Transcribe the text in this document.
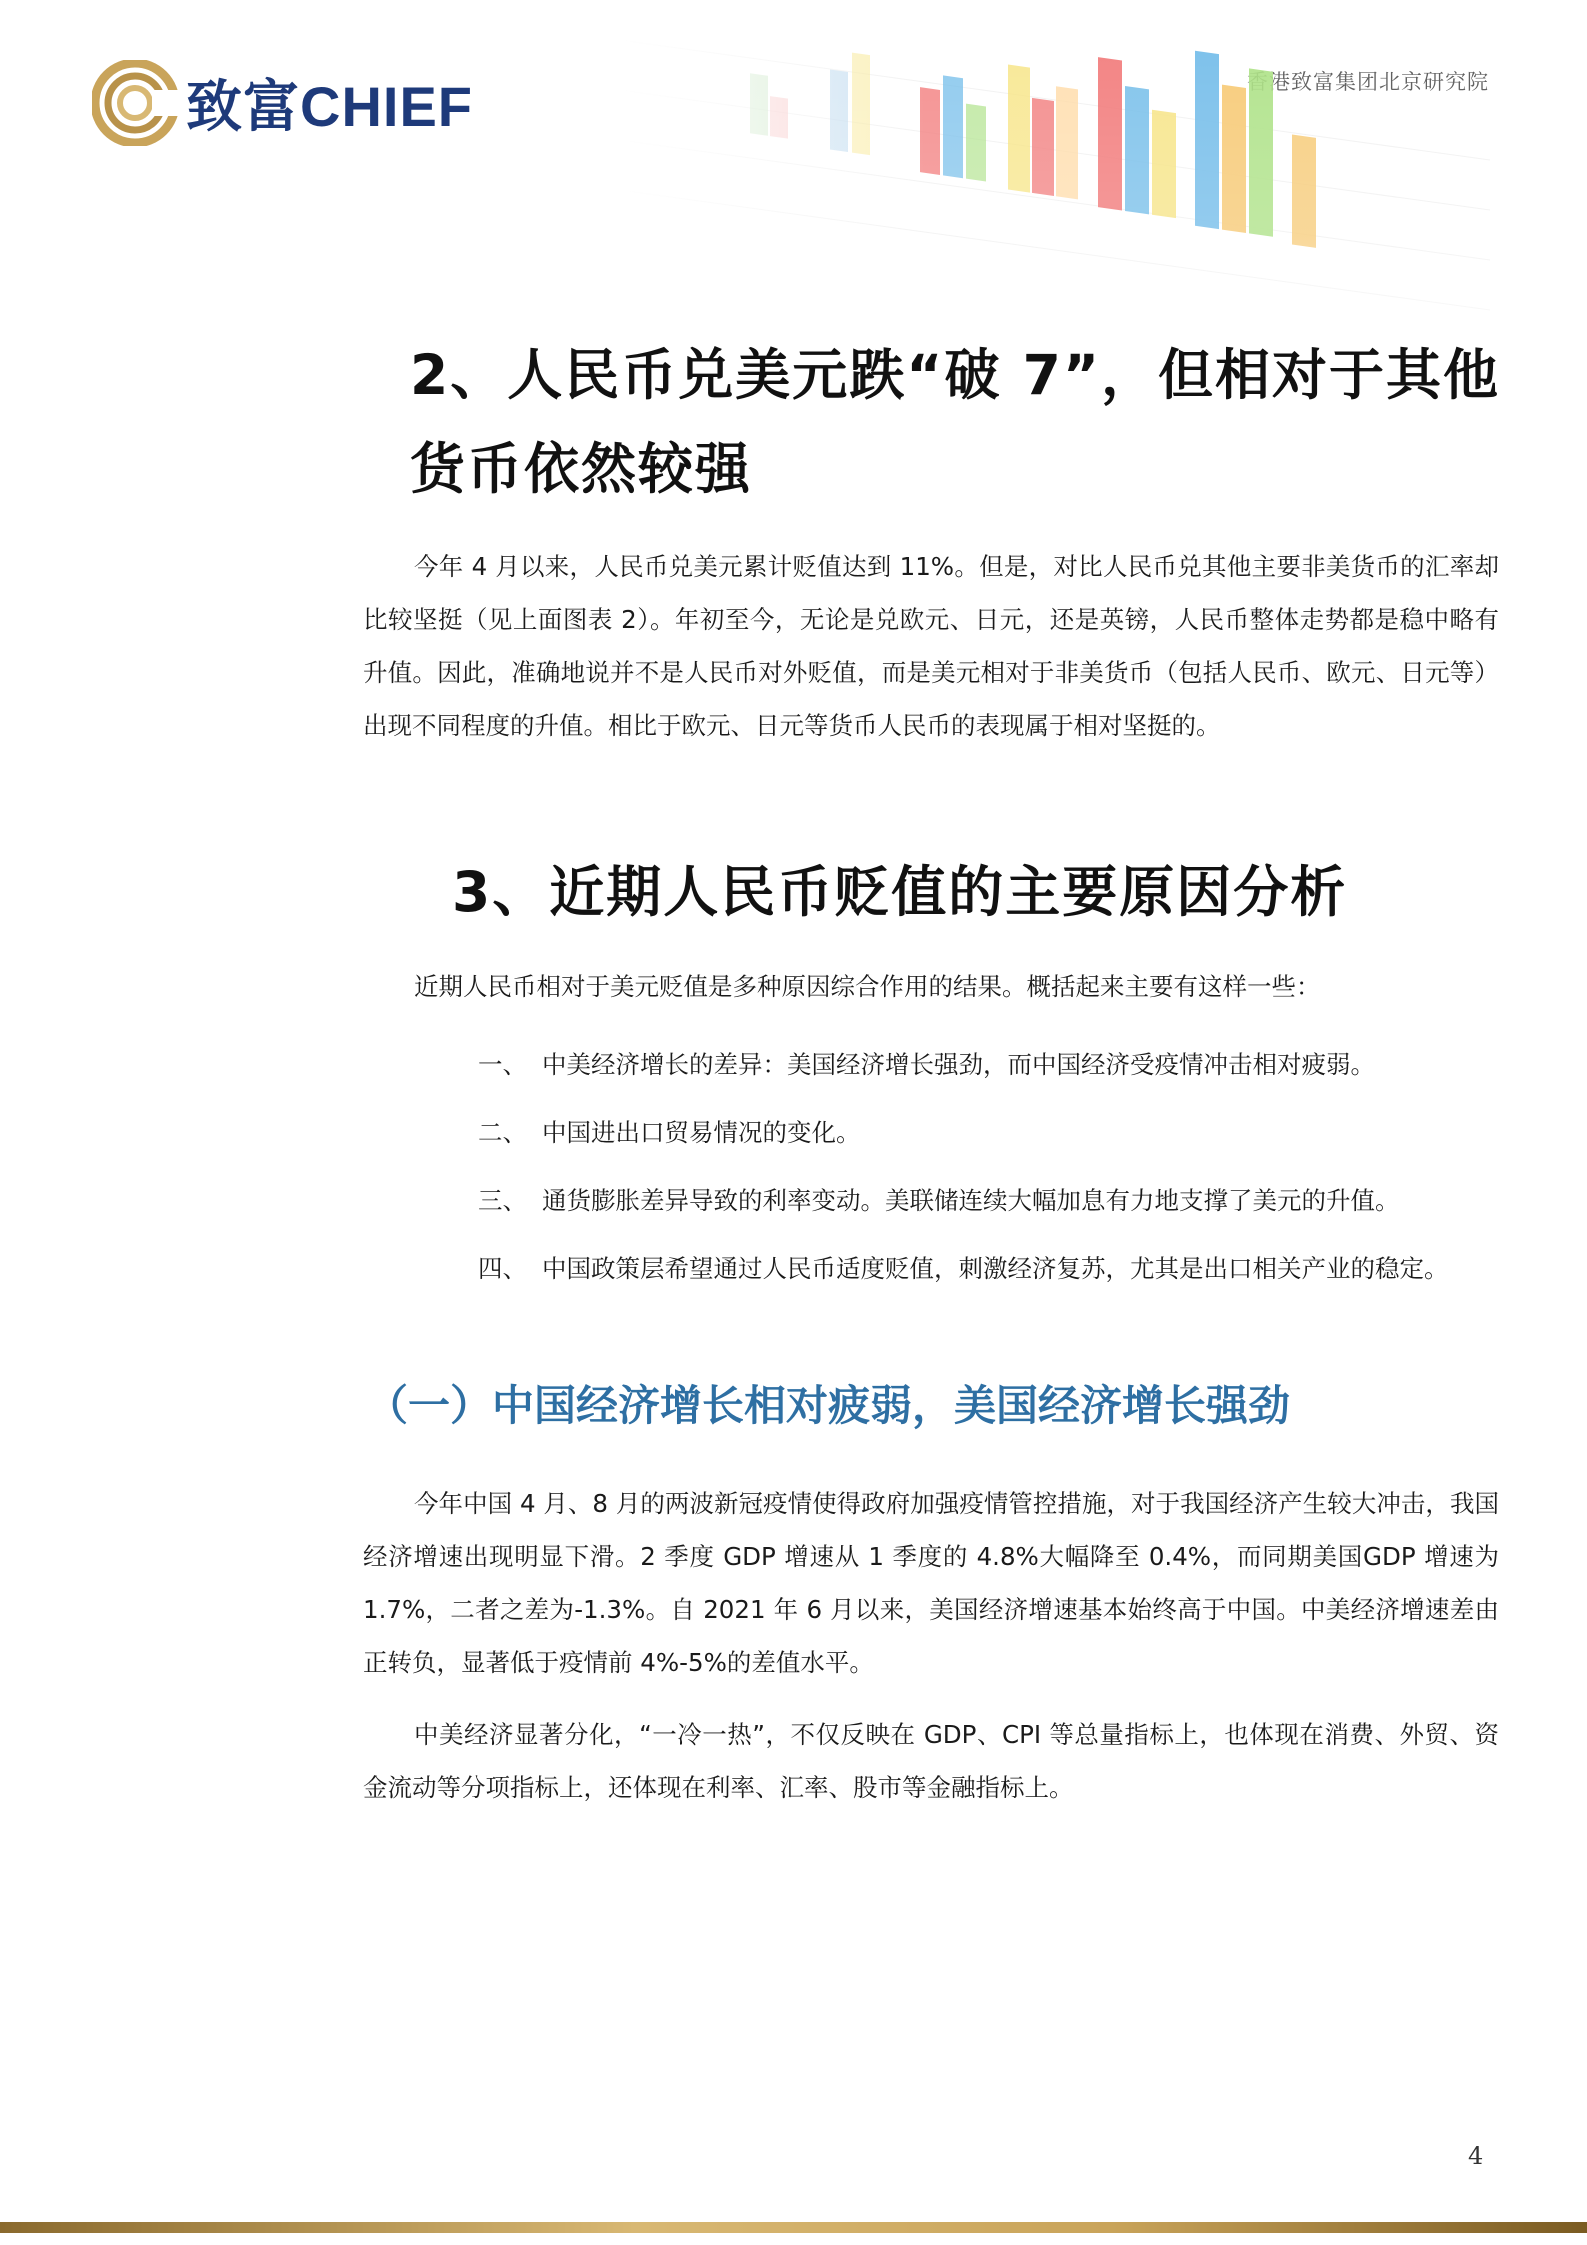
致富CHIEF
2、人民币兑美元跌“破 7”，但相对于其他货币依然较强

今年 4 月以来，人民币兑美元累计贬值达到 11%。但是，对比人民币兑其他主要非美货币的汇率却比较坚挺（见上面图表 2）。年初至今，无论是兑欧元、日元，还是英镑，人民币整体走势都是稳中略有升值。因此，准确地说并不是人民币对外贬值，而是美元相对于非美货币（包括人民币、欧元、日元等）出现不同程度的升值。相比于欧元、日元等货币人民币的表现属于相对坚挺的。

3、近期人民币贬值的主要原因分析

近期人民币相对于美元贬值是多种原因综合作用的结果。概括起来主要有这样一些：

一、 中美经济增长的差异：美国经济增长强劲，而中国经济受疫情冲击相对疲弱。
二、 中国进出口贸易情况的变化。
三、 通货膨胀差异导致的利率变动。美联储连续大幅加息有力地支撑了美元的升值。
四、 中国政策层希望通过人民币适度贬值，刺激经济复苏，尤其是出口相关产业的稳定。
（一）中国经济增长相对疲弱，美国经济增长强劲

今年中国 4 月、8 月的两波新冠疫情使得政府加强疫情管控措施，对于我国经济产生较大冲击，我国经济增速出现明显下滑。2 季度 GDP 增速从 1 季度的 4.8%大幅降至 0.4%，而同期美国GDP 增速为 1.7%，二者之差为-1.3%。自 2021 年 6 月以来，美国经济增速基本始终高于中国。中美经济增速差由正转负，显著低于疫情前 4%-5%的差值水平。

中美经济显著分化，“一冷一热”，不仅反映在 GDP、CPI 等总量指标上，也体现在消费、外贸、资金流动等分项指标上，还体现在利率、汇率、股市等金融指标上。

4
